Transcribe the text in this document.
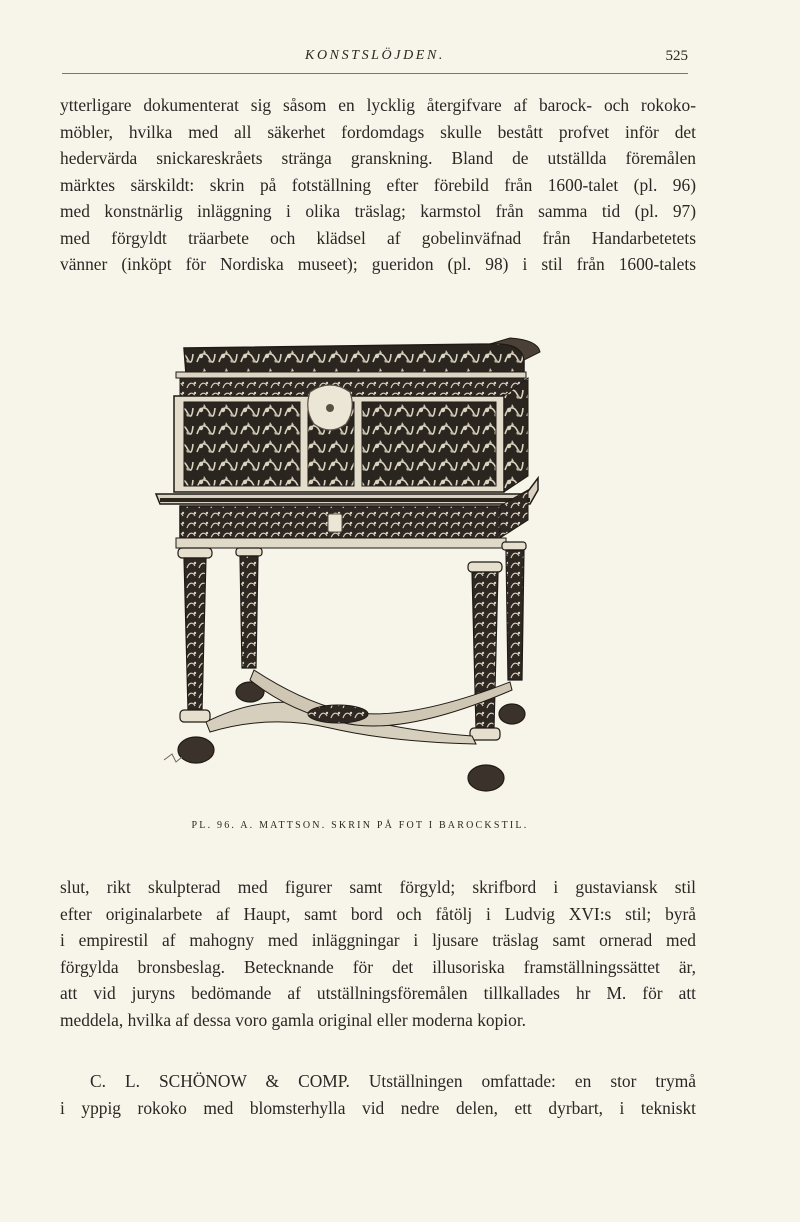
KONSTSLÖJDEN.	525
ytterligare dokumenterat sig såsom en lycklig återgifvare af barock- och rokoko-
möbler, hvilka med all säkerhet fordomdags skulle bestått profvet inför det
hedervärda snickareskråets stränga granskning. Bland de utställda föremålen
märktes särskildt: skrin på fotställning efter förebild från 1600-talet (pl. 96)
med konstnärlig inläggning i olika träslag; karmstol från samma tid (pl. 97)
med förgyldt träarbete och klädsel af gobelinväfnad från Handarbetetets
vänner (inköpt för Nordiska museet); gueridon (pl. 98) i stil från 1600-talets
PL. 96. A. MATTSON. SKRIN PÅ FOT I BAROCKSTIL.
slut, rikt skulpterad med figurer samt förgyld; skrifbord i gustaviansk stil
efter originalarbete af Haupt, samt bord och fåtölj i Ludvig XVI:s stil; byrå
i empirestil af mahogny med inläggningar i ljusare träslag samt ornerad med
förgylda bronsbeslag. Betecknande för det illusoriska framställningssättet är,
att vid juryns bedömande af utställningsföremålen tillkallades hr M. för att
meddela, hvilka af dessa voro gamla original eller moderna kopior.
C. L. SCHÖNOW & COMP. Utställningen omfattade: en stor trymå
i yppig rokoko med blomsterhylla vid nedre delen, ett dyrbart, i tekniskt
